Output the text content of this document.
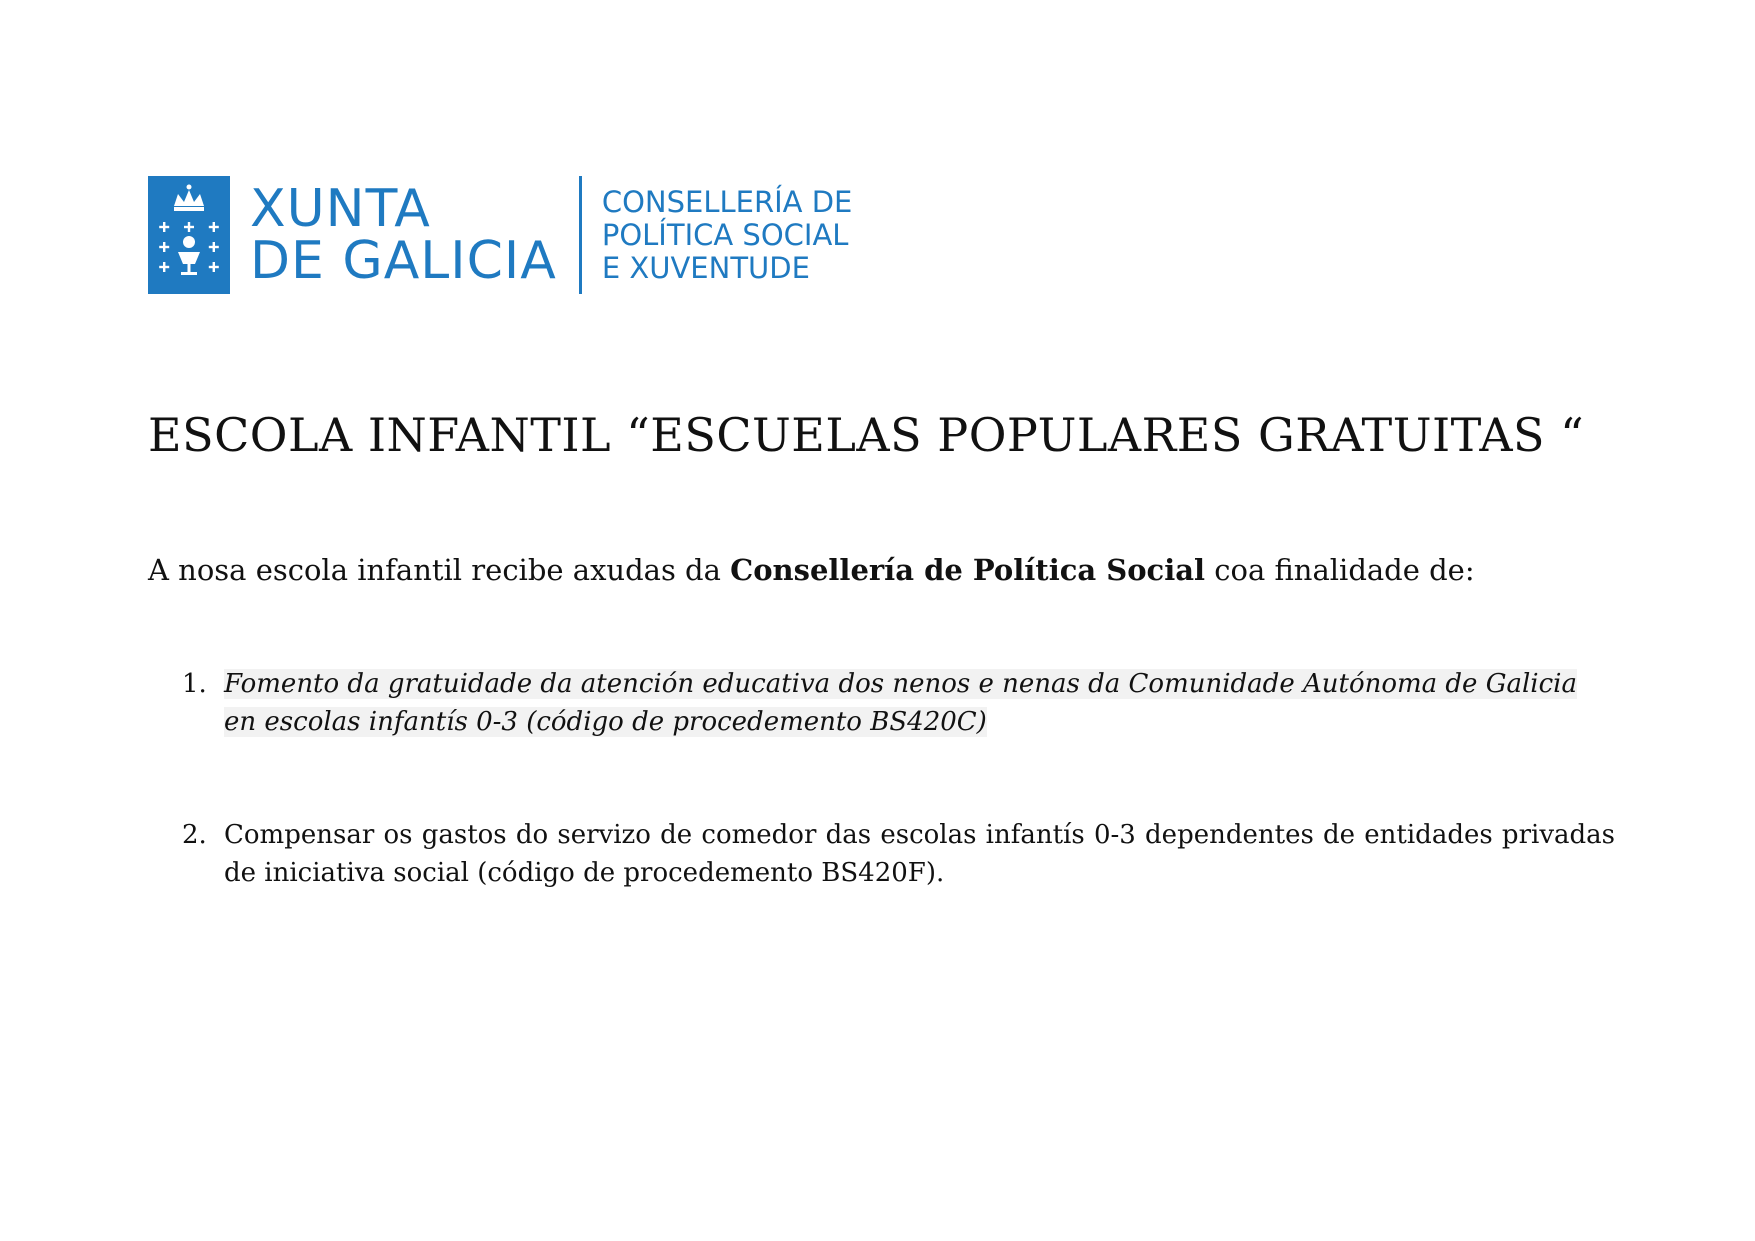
XUNTA
DE GALICIA
CONSELLERÍA DE
POLÍTICA SOCIAL
E XUVENTUDE
ESCOLA INFANTIL “ESCUELAS POPULARES GRATUITAS “

A nosa escola infantil recibe axudas da Consellería de Política Social coa finalidade de:

1. Fomento da gratuidade da atención educativa dos nenos e nenas da Comunidade Autónoma de Galicia en escolas infantís 0-3 (código de procedemento BS420C)
2. Compensar os gastos do servizo de comedor das escolas infantís 0-3 dependentes de entidades privadas de iniciativa social (código de procedemento BS420F).
